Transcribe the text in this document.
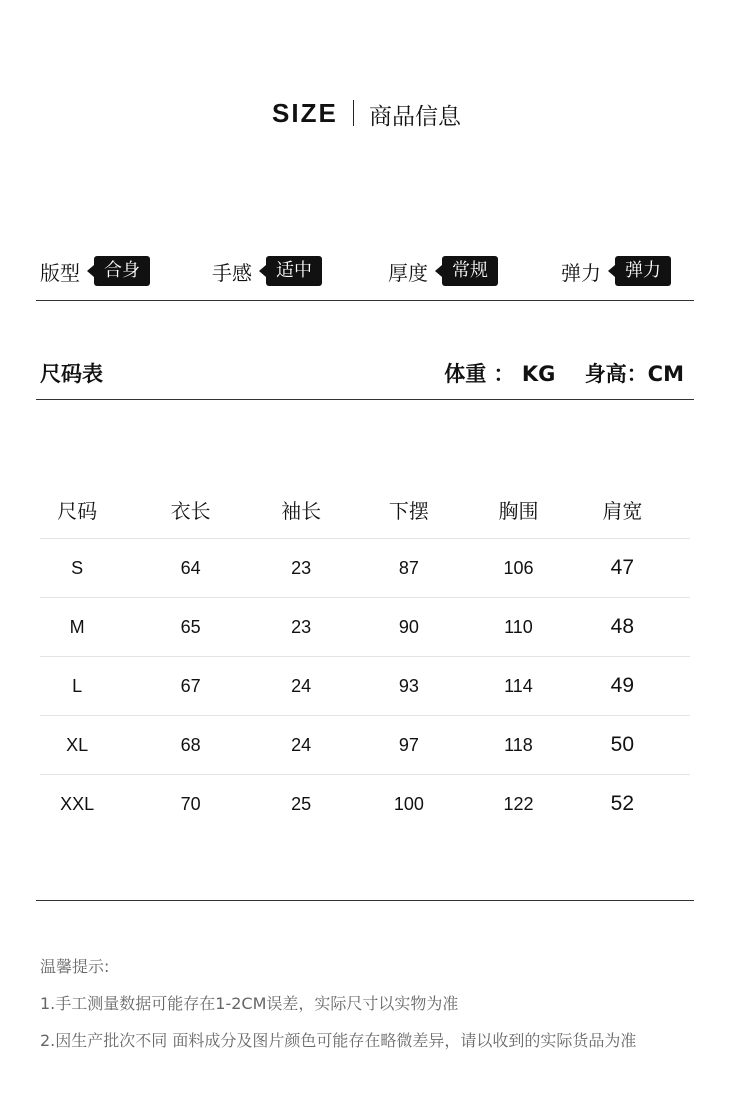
SIZE 商品信息
版型	合身	手感	适中	厚度	常规	弹力	弹力
尺码表	体重 ： KG 身高：CM
尺码	衣长	袖长	下摆	胸围	肩宽
S	64	23	87	106	47
M	65	23	90	110	48
L	67	24	93	114	49
XL	68	24	97	118	50
XXL	70	25	100	122	52
温馨提示:
1.手工测量数据可能存在1-2CM误差，实际尺寸以实物为准
2.因生产批次不同 面料成分及图片颜色可能存在略微差异，请以收到的实际货品为准
